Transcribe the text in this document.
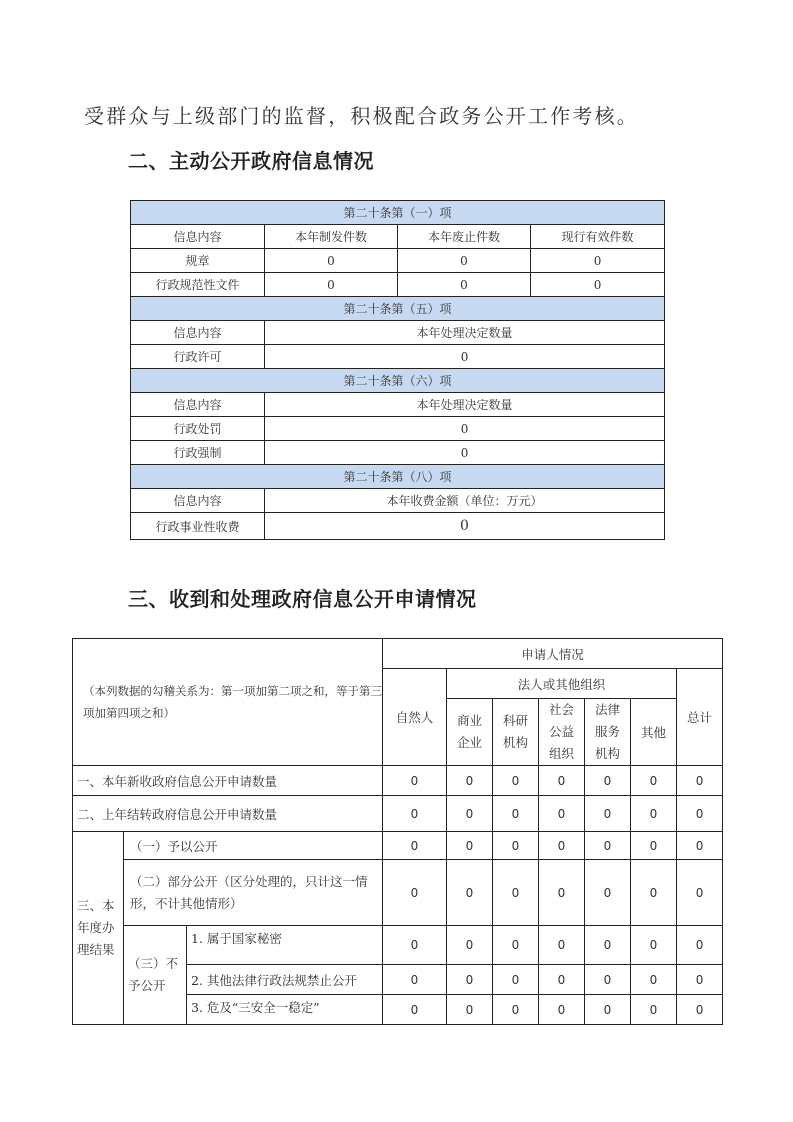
受群众与上级部门的监督，积极配合政务公开工作考核。
二、主动公开政府信息情况
第二十条第（一）项			
信息内容	本年制发件数	本年废止件数	现行有效件数
规章	0	0	0
行政规范性文件	0	0	0
第二十条第（五）项			
信息内容	本年处理决定数量		
行政许可	0		
第二十条第（六）项			
信息内容	本年处理决定数量		
行政处罚	0		
行政强制	0		
第二十条第（八）项			
信息内容	本年收费金额（单位：万元）		
行政事业性收费	0		
三、收到和处理政府信息公开申请情况
（本列数据的勾稽关系为：第一项加第二项之和，等于第三项加第四项之和）			申请人情况						
			自然人	法人或其他组织					总计
				商业企业	科研机构	社会公益组织	法律服务机构	其他	
一、本年新收政府信息公开申请数量			0	0	0	0	0	0	0
二、上年结转政府信息公开申请数量			0	0	0	0	0	0	0
三、本年度办理结果	（一）予以公开		0	0	0	0	0	0	0
	（二）部分公开（区分处理的，只计这一情形，不计其他情形）		0	0	0	0	0	0	0
	（三）不予公开	1. 属于国家秘密	0	0	0	0	0	0	0
		2. 其他法律行政法规禁止公开	0	0	0	0	0	0	0
		3. 危及“三安全一稳定”	0	0	0	0	0	0	0
